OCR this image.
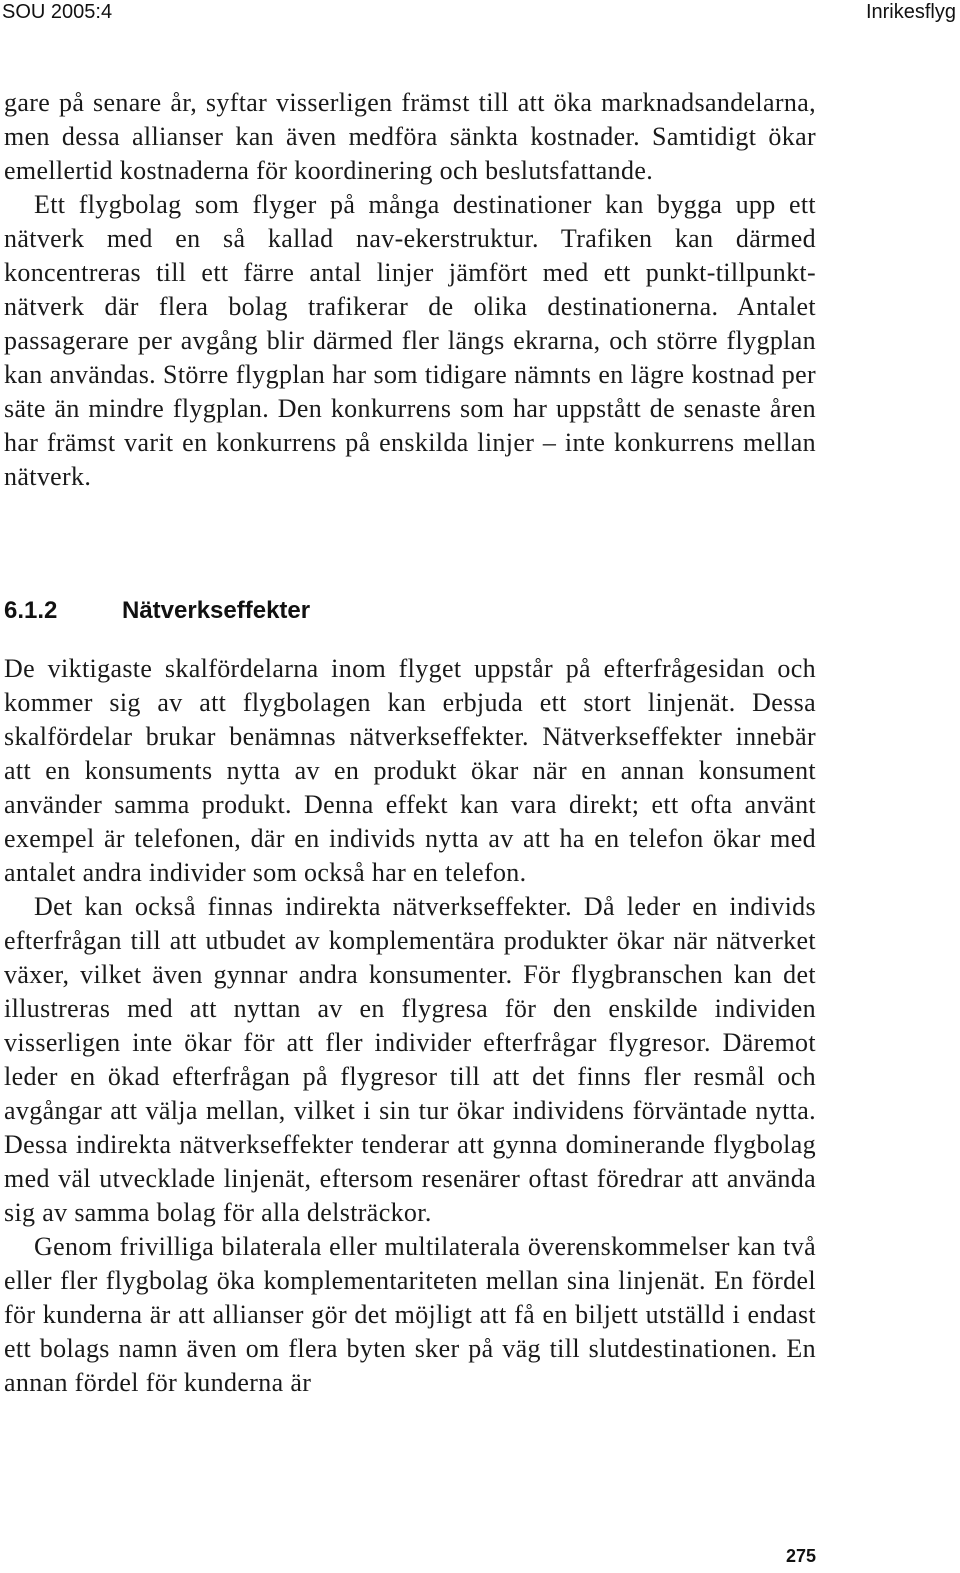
SOU 2005:4	Inrikesflyg

gare på senare år, syftar visserligen främst till att öka marknadsandelarna, men dessa allianser kan även medföra sänkta kostnader. Samtidigt ökar emellertid kostnaderna för koordinering och beslutsfattande.

Ett flygbolag som flyger på många destinationer kan bygga upp ett nätverk med en så kallad nav-ekerstruktur. Trafiken kan därmed koncentreras till ett färre antal linjer jämfört med ett punkt-tillpunkt-nätverk där flera bolag trafikerar de olika destinationerna. Antalet passagerare per avgång blir därmed fler längs ekrarna, och större flygplan kan användas. Större flygplan har som tidigare nämnts en lägre kostnad per säte än mindre flygplan. Den konkurrens som har uppstått de senaste åren har främst varit en konkurrens på enskilda linjer – inte konkurrens mellan nätverk.

6.1.2	Nätverkseffekter

De viktigaste skalfördelarna inom flyget uppstår på efterfrågesidan och kommer sig av att flygbolagen kan erbjuda ett stort linjenät. Dessa skalfördelar brukar benämnas nätverkseffekter. Nätverkseffekter innebär att en konsuments nytta av en produkt ökar när en annan konsument använder samma produkt. Denna effekt kan vara direkt; ett ofta använt exempel är telefonen, där en individs nytta av att ha en telefon ökar med antalet andra individer som också har en telefon.

Det kan också finnas indirekta nätverkseffekter. Då leder en individs efterfrågan till att utbudet av komplementära produkter ökar när nätverket växer, vilket även gynnar andra konsumenter. För flygbranschen kan det illustreras med att nyttan av en flygresa för den enskilde individen visserligen inte ökar för att fler individer efterfrågar flygresor. Däremot leder en ökad efterfrågan på flygresor till att det finns fler resmål och avgångar att välja mellan, vilket i sin tur ökar individens förväntade nytta. Dessa indirekta nätverkseffekter tenderar att gynna dominerande flygbolag med väl utvecklade linjenät, eftersom resenärer oftast föredrar att använda sig av samma bolag för alla delsträckor.

Genom frivilliga bilaterala eller multilaterala överenskommelser kan två eller fler flygbolag öka komplementariteten mellan sina linjenät. En fördel för kunderna är att allianser gör det möjligt att få en biljett utställd i endast ett bolags namn även om flera byten sker på väg till slutdestinationen. En annan fördel för kunderna är

275
